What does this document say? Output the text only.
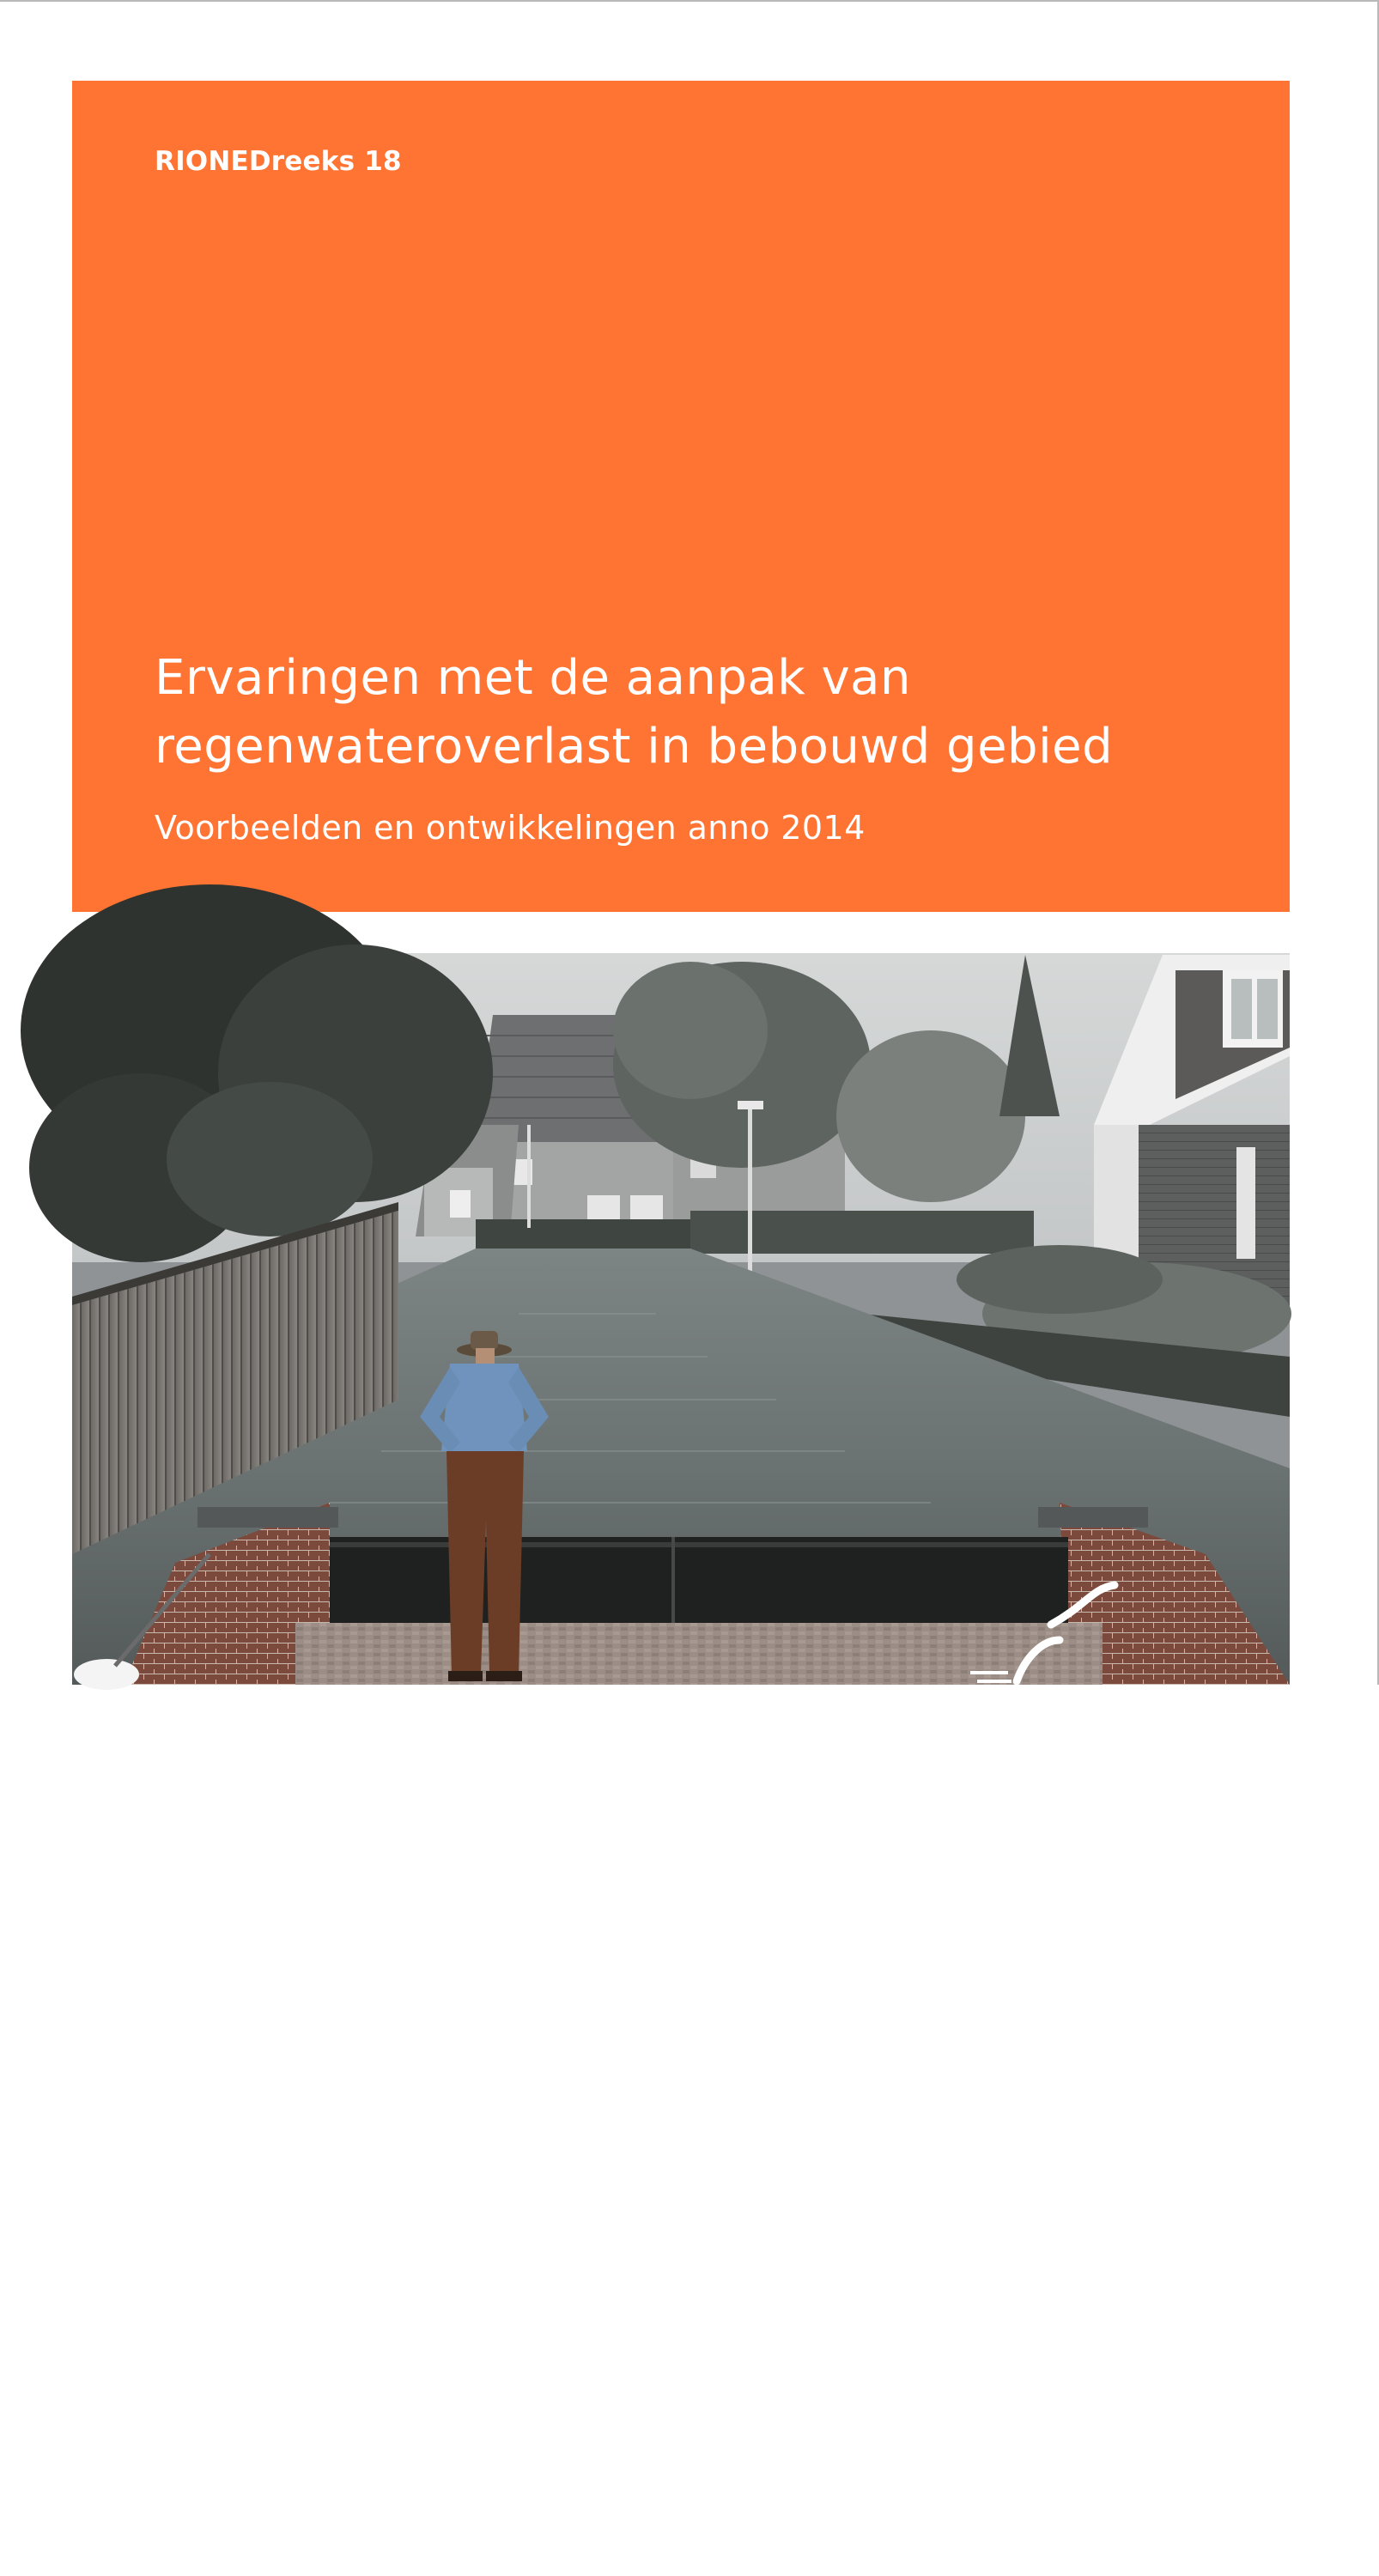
RIONEDreeks 18
Ervaringen met de aanpak van regenwateroverlast in bebouwd gebied
Voorbeelden en ontwikkelingen anno 2014
Stichting
RIONED
